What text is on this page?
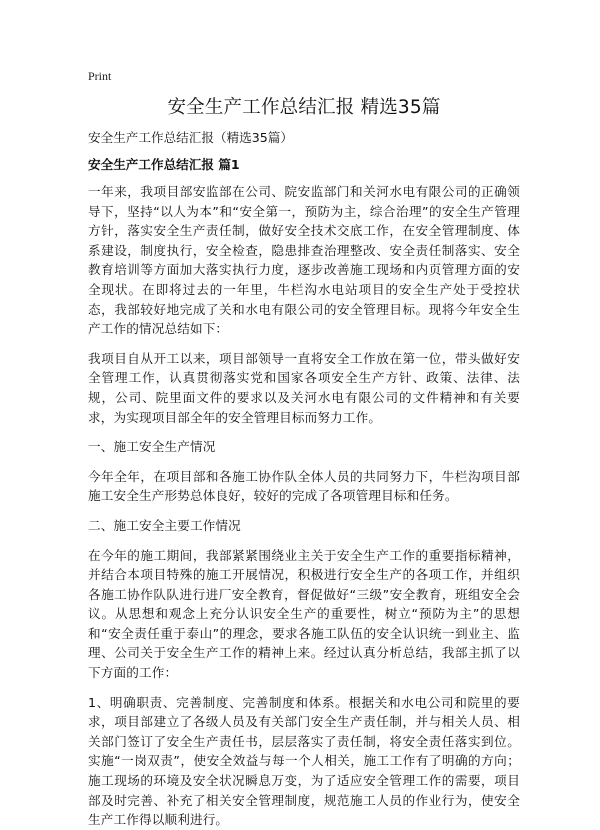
Print

安全生产工作总结汇报 精选35篇

安全生产工作总结汇报（精选35篇）

安全生产工作总结汇报 篇1

一年来，我项目部安监部在公司、院安监部门和关河水电有限公司的正确领导下，坚持“以人为本”和“安全第一，预防为主，综合治理”的安全生产管理方针，落实安全生产责任制，做好安全技术交底工作，在安全管理制度、体系建设，制度执行，安全检查，隐患排查治理整改、安全责任制落实、安全教育培训等方面加大落实执行力度，逐步改善施工现场和内页管理方面的安全现状。在即将过去的一年里，牛栏沟水电站项目的安全生产处于受控状态，我部较好地完成了关和水电有限公司的安全管理目标。现将今年安全生产工作的情况总结如下：

我项目自从开工以来，项目部领导一直将安全工作放在第一位，带头做好安全管理工作，认真贯彻落实党和国家各项安全生产方针、政策、法律、法规，公司、院里面文件的要求以及关河水电有限公司的文件精神和有关要求，为实现项目部全年的安全管理目标而努力工作。

一、施工安全生产情况

今年全年，在项目部和各施工协作队全体人员的共同努力下，牛栏沟项目部施工安全生产形势总体良好，较好的完成了各项管理目标和任务。

二、施工安全主要工作情况

在今年的施工期间，我部紧紧围绕业主关于安全生产工作的重要指标精神，并结合本项目特殊的施工开展情况，积极进行安全生产的各项工作，并组织各施工协作队队进行进厂安全教育，督促做好“三级”安全教育，班组安全会议。从思想和观念上充分认识安全生产的重要性，树立“预防为主”的思想和“安全责任重于泰山”的理念，要求各施工队伍的安全认识统一到业主、监理、公司关于安全生产工作的精神上来。经过认真分析总结，我部主抓了以下方面的工作：

1、明确职责、完善制度、完善制度和体系。根据关和水电公司和院里的要求，项目部建立了各级人员及有关部门安全生产责任制，并与相关人员、相关部门签订了安全生产责任书，层层落实了责任制，将安全责任落实到位。实施“一岗双责”，使安全效益与每一个人相关，施工工作有了明确的方向；施工现场的环境及安全状况瞬息万变，为了适应安全管理工作的需要，项目部及时完善、补充了相关安全管理制度，规范施工人员的作业行为，使安全生产工作得以顺利进行。
